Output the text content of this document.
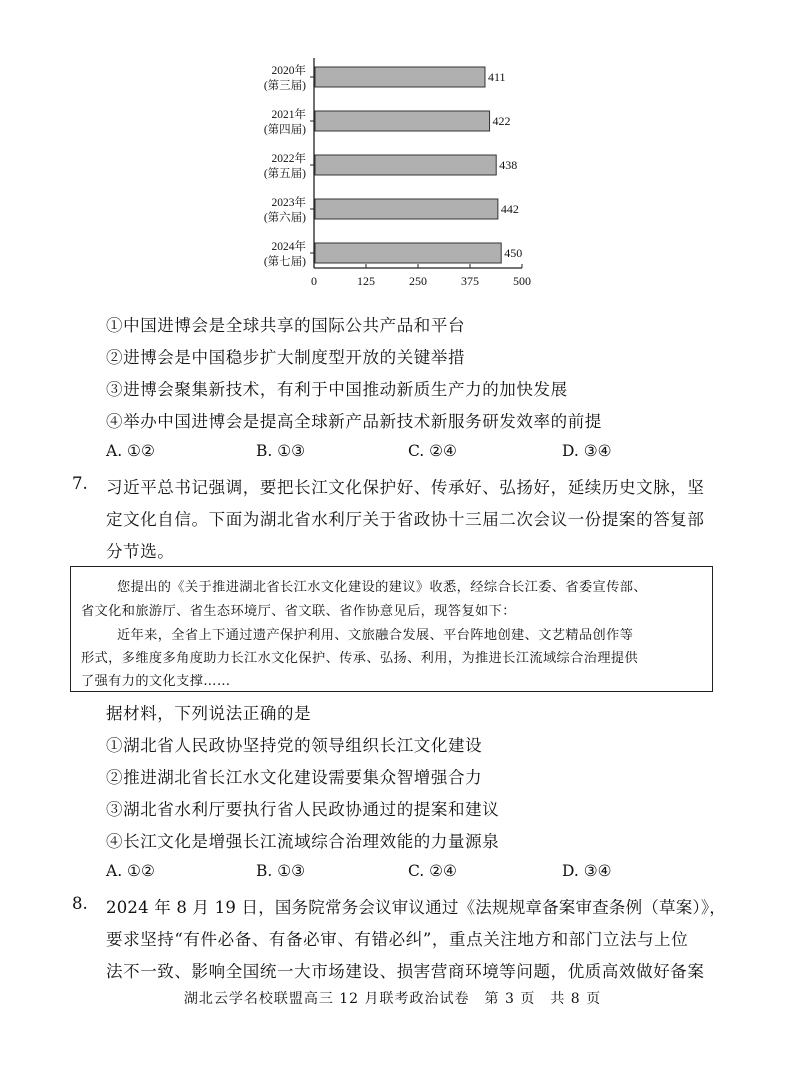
0	125	250	375	500
411
2020年
(第三届)
422
2021年
(第四届)
438
2022年
(第五届)
442
2023年
(第六届)
450
2024年
(第七届)
①中国进博会是全球共享的国际公共产品和平台
②进博会是中国稳步扩大制度型开放的关键举措
③进博会聚集新技术，有利于中国推动新质生产力的加快发展
④举办中国进博会是提高全球新产品新技术新服务研发效率的前提
A. ①②	B. ①③	C. ②④	D. ③④
7. 习近平总书记强调，要把长江文化保护好、传承好、弘扬好，延续历史文脉，坚
定文化自信。下面为湖北省水利厅关于省政协十三届二次会议一份提案的答复部
分节选。
您提出的《关于推进湖北省长江水文化建设的建议》收悉，经综合长江委、省委宣传部、
省文化和旅游厅、省生态环境厅、省文联、省作协意见后，现答复如下：
近年来，全省上下通过遗产保护利用、文旅融合发展、平台阵地创建、文艺精品创作等
形式，多维度多角度助力长江水文化保护、传承、弘扬、利用，为推进长江流域综合治理提供
了强有力的文化支撑……
据材料，下列说法正确的是
①湖北省人民政协坚持党的领导组织长江文化建设
②推进湖北省长江水文化建设需要集众智增强合力
③湖北省水利厅要执行省人民政协通过的提案和建议
④长江文化是增强长江流域综合治理效能的力量源泉
A. ①②	B. ①③	C. ②④	D. ③④
8. 2024 年 8 月 19 日，国务院常务会议审议通过《法规规章备案审查条例（草案）》，
要求坚持“有件必备、有备必审、有错必纠”，重点关注地方和部门立法与上位
法不一致、影响全国统一大市场建设、损害营商环境等问题，优质高效做好备案
湖北云学名校联盟高三 12 月联考政治试卷　第 3 页　共 8 页
